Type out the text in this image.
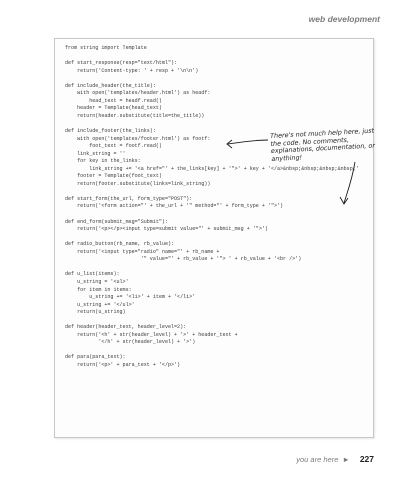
web development
from string import Template

def start_response(resp="text/html"):
return('Content-type: ' + resp + '\n\n')

def include_header(the_title):
with open('templates/header.html') as headf:
head_text = headf.read()
header = Template(head_text)
return(header.substitute(title=the_title))

def include_footer(the_links):
with open('templates/footer.html') as footf:
foot_text = footf.read()
link_string = ''
for key in the_links:
link_string += '<a href="' + the_links[key] + '">' + key + '</a>&nbsp;&nbsp;&nbsp;&nbsp;'
footer = Template(foot_text)
return(footer.substitute(links=link_string))

def start_form(the_url, form_type="POST"):
return('<form action="' + the_url + '" method="' + form_type + '">')

def end_form(submit_msg="Submit"):
return('<p></p><input type=submit value="' + submit_msg + '">')

def radio_button(rb_name, rb_value):
return('<input type="radio" name="' + rb_name +
'" value="' + rb_value + '"> ' + rb_value + '<br />')

def u_list(items):
u_string = '<ul>'
for item in items:
u_string += '<li>' + item + '</li>'
u_string += '</ul>'
return(u_string)

def header(header_text, header_level=2):
return('<h' + str(header_level) + '>' + header_text +
'</h' + str(header_level) + '>')

def para(para_text):
return('<p>' + para_text + '</p>')
There's not much help here, just the code. No comments, explanations, documentation, or anything!
you are here ► 227
